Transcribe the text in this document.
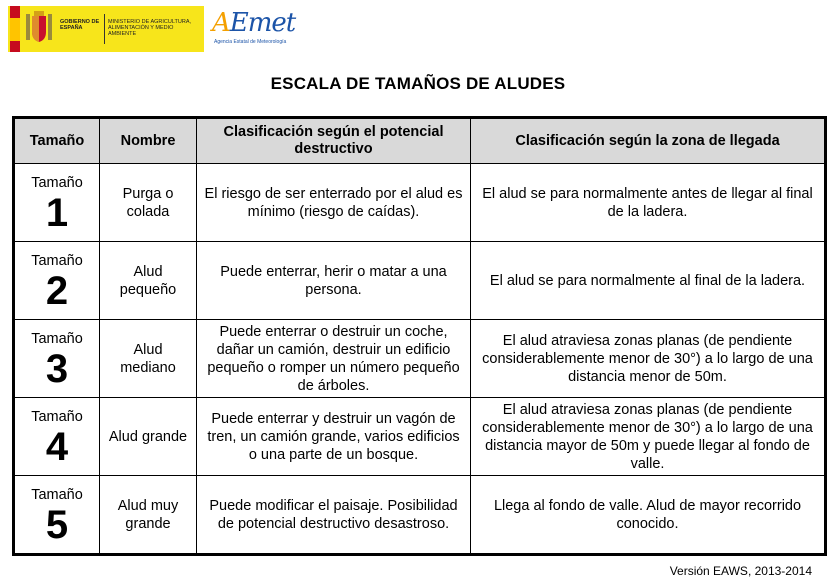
GOBIERNO DE ESPAÑA
MINISTERIO DE AGRICULTURA, ALIMENTACIÓN Y MEDIO AMBIENTE	AEmet
Agencia Estatal de Meteorología
ESCALA DE TAMAÑOS DE ALUDES
Tamaño	Nombre	Clasificación según el potencial destructivo	Clasificación según la zona de llegada

Tamaño
1	Purga o colada	El riesgo de ser enterrado por el alud es mínimo (riesgo de caídas).	El alud se para normalmente antes de llegar al final de la ladera.

Tamaño
2	Alud pequeño	Puede enterrar, herir o matar a una persona.	El alud se para normalmente al final de la ladera.

Tamaño
3	Alud mediano	Puede enterrar o destruir un coche, dañar un camión, destruir un edificio pequeño o romper un número pequeño de árboles.	El alud atraviesa zonas planas (de pendiente considerablemente menor de 30°) a lo largo de una distancia menor de 50m.

Tamaño
4	Alud grande	Puede enterrar y destruir un vagón de tren, un camión grande, varios edificios o una parte de un bosque.	El alud atraviesa zonas planas (de pendiente considerablemente menor de 30°) a lo largo de una distancia mayor de 50m y puede llegar al fondo de valle.

Tamaño
5	Alud muy grande	Puede modificar el paisaje. Posibilidad de potencial destructivo desastroso.	Llega al fondo de valle. Alud de mayor recorrido conocido.
Versión EAWS, 2013-2014
